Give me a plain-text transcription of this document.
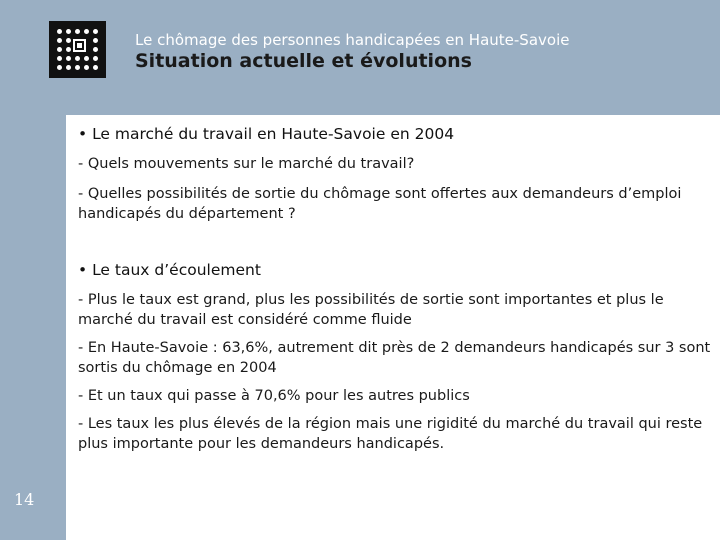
Le chômage des personnes handicapées en Haute-Savoie
Situation actuelle et évolutions
• Le marché du travail en Haute-Savoie en 2004
- Quels mouvements sur le marché du travail?
- Quelles possibilités de sortie du chômage sont offertes aux demandeurs d’emploi handicapés du département ?
• Le taux d’écoulement
- Plus le taux est grand, plus les possibilités de sortie sont importantes et plus le marché du travail est considéré comme fluide
- En Haute-Savoie : 63,6%, autrement dit près de 2 demandeurs handicapés sur 3 sont sortis du chômage en 2004
- Et un taux qui passe à 70,6% pour les autres publics
- Les taux les plus élevés de la région mais une rigidité du marché du travail qui reste plus importante pour les demandeurs handicapés.
14
